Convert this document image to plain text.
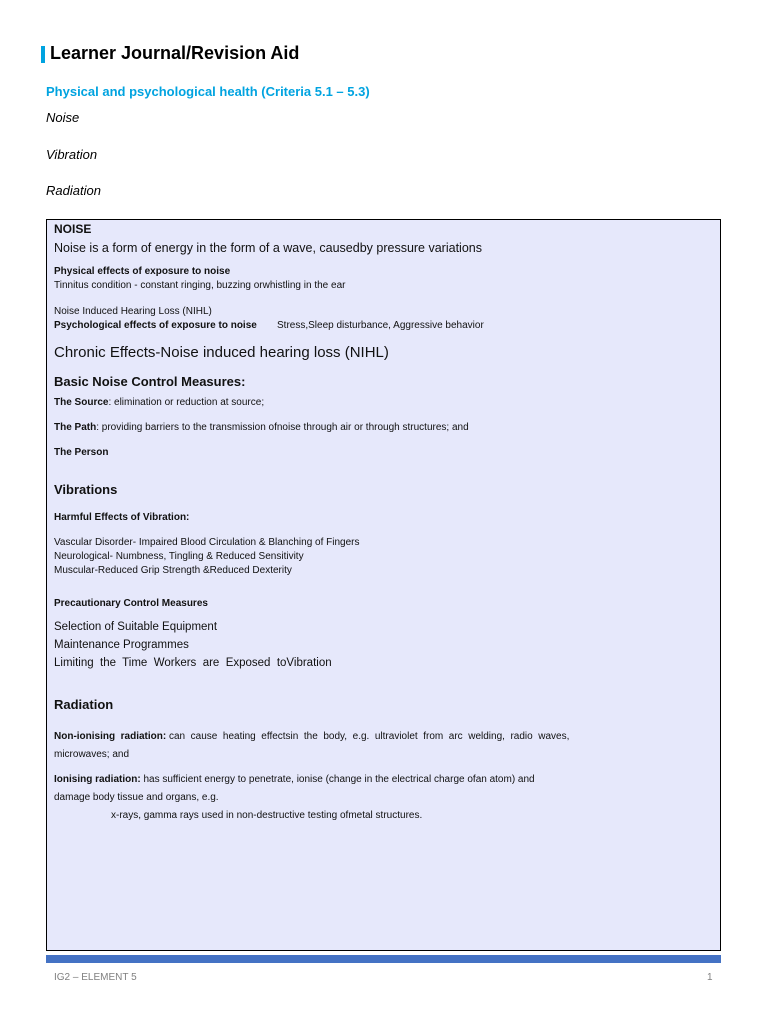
Learner Journal/Revision Aid
Physical and psychological health (Criteria 5.1 – 5.3)
Noise
Vibration
Radiation
NOISE
Noise is a form of energy in the form of a wave, causedby pressure variations
Physical effects of exposure to noise
Tinnitus condition - constant ringing, buzzing orwhistling in the ear
Noise Induced Hearing Loss (NIHL)
Psychological effects of exposure to noise Stress,Sleep disturbance, Aggressive behavior
Chronic Effects-Noise induced hearing loss (NIHL)
Basic Noise Control Measures:
The Source: elimination or reduction at source;
The Path: providing barriers to the transmission ofnoise through air or through structures; and
The Person
Vibrations
Harmful Effects of Vibration:
Vascular Disorder- Impaired Blood Circulation & Blanching of Fingers
Neurological- Numbness, Tingling & Reduced Sensitivity
Muscular-Reduced Grip Strength &Reduced Dexterity
Precautionary Control Measures
Selection of Suitable Equipment
Maintenance Programmes
Limiting  the  Time  Workers  are  Exposed  toVibration
Radiation
Non-ionising  radiation: can  cause  heating  effectsin  the  body,  e.g.  ultraviolet  from  arc  welding,  radio  waves,
microwaves; and
Ionising radiation: has sufficient energy to penetrate, ionise (change in the electrical charge ofan atom) and
damage body tissue and organs, e.g.
x-rays, gamma rays used in non-destructive testing ofmetal structures.
IG2 – ELEMENT 5	1
